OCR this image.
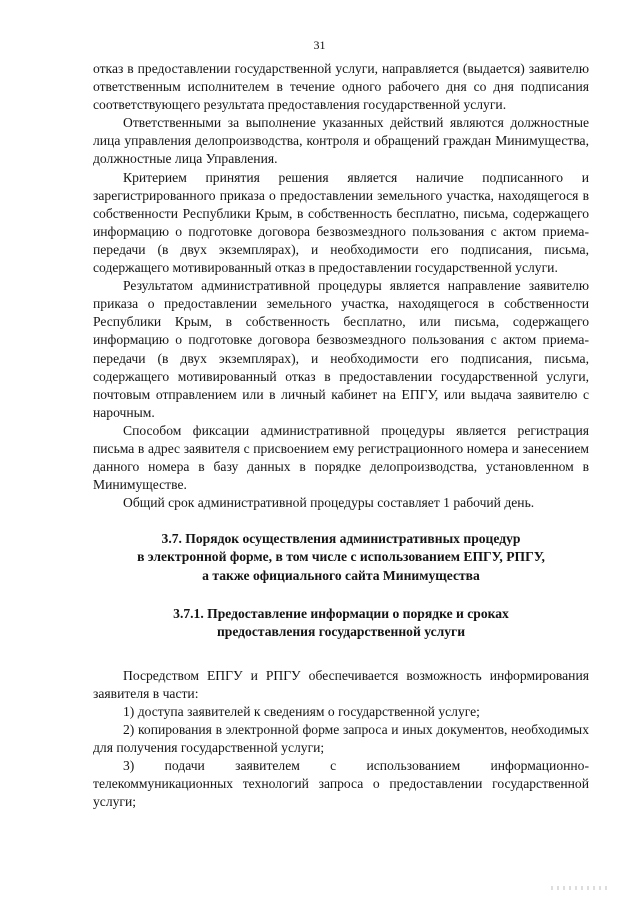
31

отказ в предоставлении государственной услуги, направляется (выдается) заявителю ответственным исполнителем в течение одного рабочего дня со дня подписания соответствующего результата предоставления государственной услуги.

Ответственными за выполнение указанных действий являются должностные лица управления делопроизводства, контроля и обращений граждан Минимущества, должностные лица Управления.

Критерием принятия решения является наличие подписанного и зарегистрированного приказа о предоставлении земельного участка, находящегося в собственности Республики Крым, в собственность бесплатно, письма, содержащего информацию о подготовке договора безвозмездного пользования с актом приема-передачи (в двух экземплярах), и необходимости его подписания, письма, содержащего мотивированный отказ в предоставлении государственной услуги.

Результатом административной процедуры является направление заявителю приказа о предоставлении земельного участка, находящегося в собственности Республики Крым, в собственность бесплатно, или письма, содержащего информацию о подготовке договора безвозмездного пользования с актом приема-передачи (в двух экземплярах), и необходимости его подписания, письма, содержащего мотивированный отказ в предоставлении государственной услуги, почтовым отправлением или в личный кабинет на ЕПГУ, или выдача заявителю с нарочным.

Способом фиксации административной процедуры является регистрация письма в адрес заявителя с присвоением ему регистрационного номера и занесением данного номера в базу данных в порядке делопроизводства, установленном в Минимуществе.

Общий срок административной процедуры составляет 1 рабочий день.

3.7. Порядок осуществления административных процедур
в электронной форме, в том числе с использованием ЕПГУ, РПГУ,
а также официального сайта Минимущества
3.7.1. Предоставление информации о порядке и сроках
предоставления государственной услуги

Посредством ЕПГУ и РПГУ обеспечивается возможность информирования заявителя в части:

1) доступа заявителей к сведениям о государственной услуге;

2) копирования в электронной форме запроса и иных документов, необходимых для получения государственной услуги;

3) подачи заявителем с использованием информационно-телекоммуникационных технологий запроса о предоставлении государственной услуги;
